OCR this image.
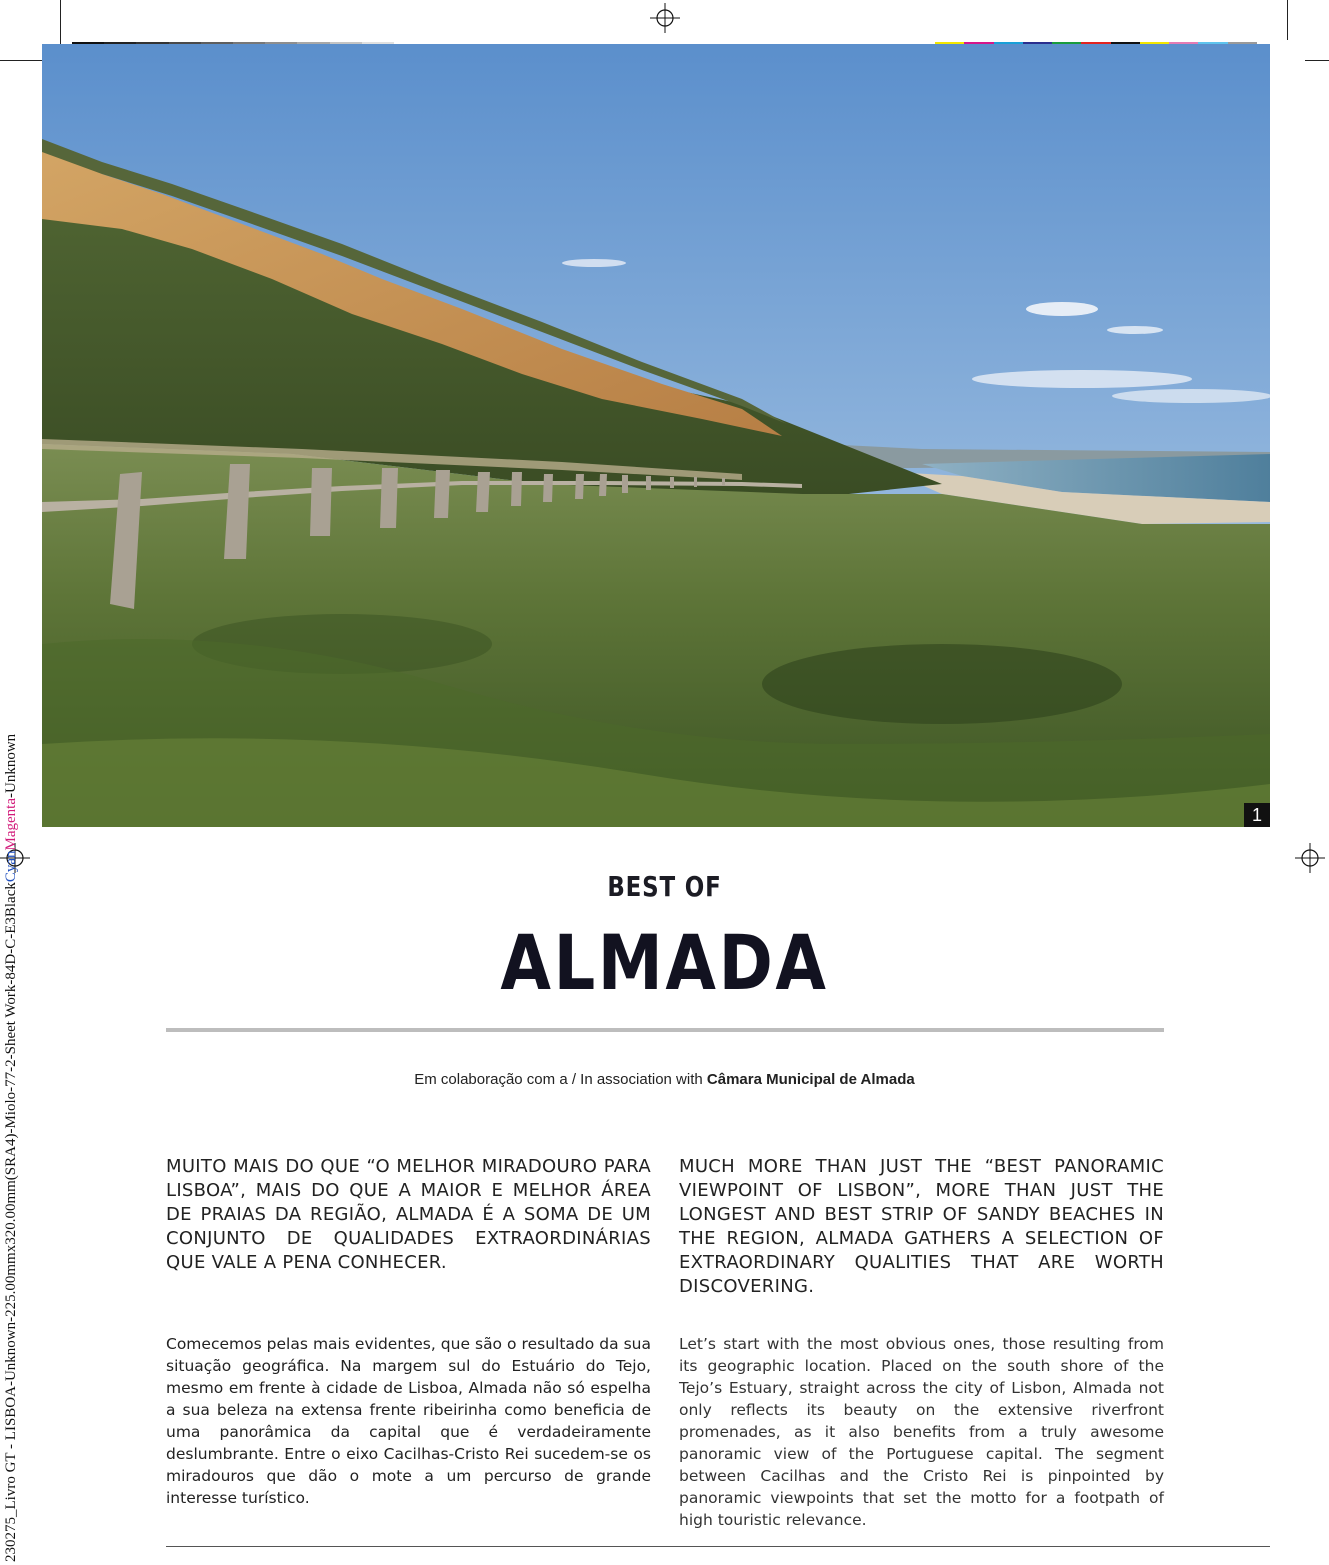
1
230275_Livro GT - LISBOA-Unknown-225.00mmx320.00mm(SRA4)-Miolo-77-2-Sheet Work-84D-C-E3BlackCyanMagenta-Unknown
BEST OF
ALMADA
Em colaboração com a / In association with Câmara Municipal de Almada
MUITO MAIS DO QUE “O MELHOR MIRADOURO PARA LISBOA”, MAIS DO QUE A MAIOR E MELHOR ÁREA DE PRAIAS DA REGIÃO, ALMADA É A SOMA DE UM CONJUNTO DE QUALIDADES EXTRAORDINÁRIAS QUE VALE A PENA CONHECER.
MUCH MORE THAN JUST THE “BEST PANORAMIC VIEWPOINT OF LISBON”, MORE THAN JUST THE LONGEST AND BEST STRIP OF SANDY BEACHES IN THE REGION, ALMADA GATHERS A SELECTION OF EXTRAORDINARY QUALITIES THAT ARE WORTH DISCOVERING.
Comecemos pelas mais evidentes, que são o resultado da sua situação geográfica. Na margem sul do Estuário do Tejo, mesmo em frente à cidade de Lisboa, Almada não só espelha a sua beleza na extensa frente ribeirinha como beneficia de uma panorâmica da capital que é verdadeiramente deslumbrante. Entre o eixo Cacilhas-Cristo Rei sucedem-se os miradouros que dão o mote a um percurso de grande interesse turístico.
Let’s start with the most obvious ones, those resulting from its geographic location. Placed on the south shore of the Tejo’s Estuary, straight across the city of Lisbon, Almada not only reflects its beauty on the extensive riverfront promenades, as it also benefits from a truly awesome panoramic view of the Portuguese capital. The segment between Cacilhas and the Cristo Rei is pinpointed by panoramic viewpoints that set the motto for a footpath of high touristic relevance.
